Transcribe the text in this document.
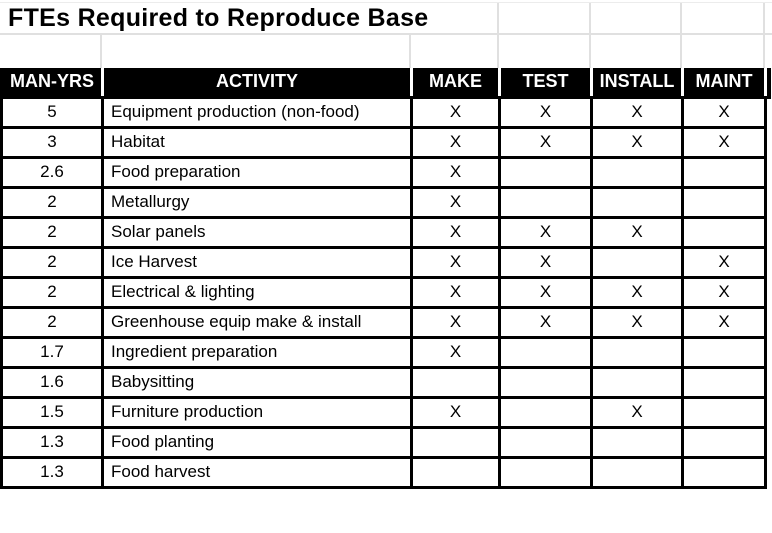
FTEs Required to Reproduce Base
MAN-YRS	ACTIVITY	MAKE	TEST	INSTALL	MAINT	
5	Equipment production (non-food)	X	X	X	X	
3	Habitat	X	X	X	X	
2.6	Food preparation	X				
2	Metallurgy	X				
2	Solar panels	X	X	X		
2	Ice Harvest	X	X		X	
2	Electrical & lighting	X	X	X	X	
2	Greenhouse equip make & install	X	X	X	X	
1.7	Ingredient preparation	X				
1.6	Babysitting					
1.5	Furniture production	X		X		
1.3	Food planting					
1.3	Food harvest					
